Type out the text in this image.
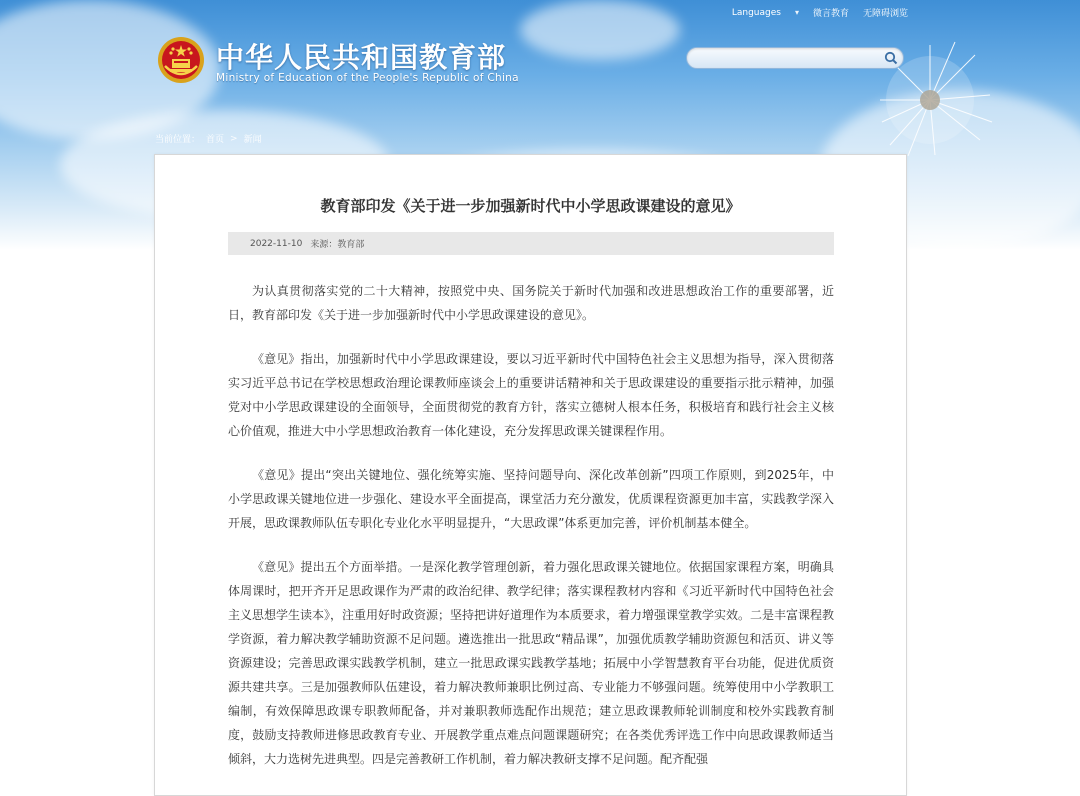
Languages ▾ 微言教育 无障碍浏览
中华人民共和国教育部
Ministry of Education of the People's Republic of China
当前位置： 首页 > 新闻
教育部印发《关于进一步加强新时代中小学思政课建设的意见》
2022-11-10 来源：教育部

为认真贯彻落实党的二十大精神，按照党中央、国务院关于新时代加强和改进思想政治工作的重要部署，近日，教育部印发《关于进一步加强新时代中小学思政课建设的意见》。

《意见》指出，加强新时代中小学思政课建设，要以习近平新时代中国特色社会主义思想为指导，深入贯彻落实习近平总书记在学校思想政治理论课教师座谈会上的重要讲话精神和关于思政课建设的重要指示批示精神，加强党对中小学思政课建设的全面领导，全面贯彻党的教育方针，落实立德树人根本任务，积极培育和践行社会主义核心价值观，推进大中小学思想政治教育一体化建设，充分发挥思政课关键课程作用。

《意见》提出“突出关键地位、强化统筹实施、坚持问题导向、深化改革创新”四项工作原则，到2025年，中小学思政课关键地位进一步强化、建设水平全面提高，课堂活力充分激发，优质课程资源更加丰富，实践教学深入开展，思政课教师队伍专职化专业化水平明显提升，“大思政课”体系更加完善，评价机制基本健全。

《意见》提出五个方面举措。一是深化教学管理创新，着力强化思政课关键地位。依据国家课程方案，明确具体周课时，把开齐开足思政课作为严肃的政治纪律、教学纪律；落实课程教材内容和《习近平新时代中国特色社会主义思想学生读本》，注重用好时政资源；坚持把讲好道理作为本质要求，着力增强课堂教学实效。二是丰富课程教学资源，着力解决教学辅助资源不足问题。遴选推出一批思政“精品课”，加强优质教学辅助资源包和活页、讲义等资源建设；完善思政课实践教学机制，建立一批思政课实践教学基地；拓展中小学智慧教育平台功能，促进优质资源共建共享。三是加强教师队伍建设，着力解决教师兼职比例过高、专业能力不够强问题。统筹使用中小学教职工编制，有效保障思政课专职教师配备，并对兼职教师选配作出规范；建立思政课教师轮训制度和校外实践教育制度，鼓励支持教师进修思政教育专业、开展教学重点难点问题课题研究；在各类优秀评选工作中向思政课教师适当倾斜，大力选树先进典型。四是完善教研工作机制，着力解决教研支撑不足问题。配齐配强
